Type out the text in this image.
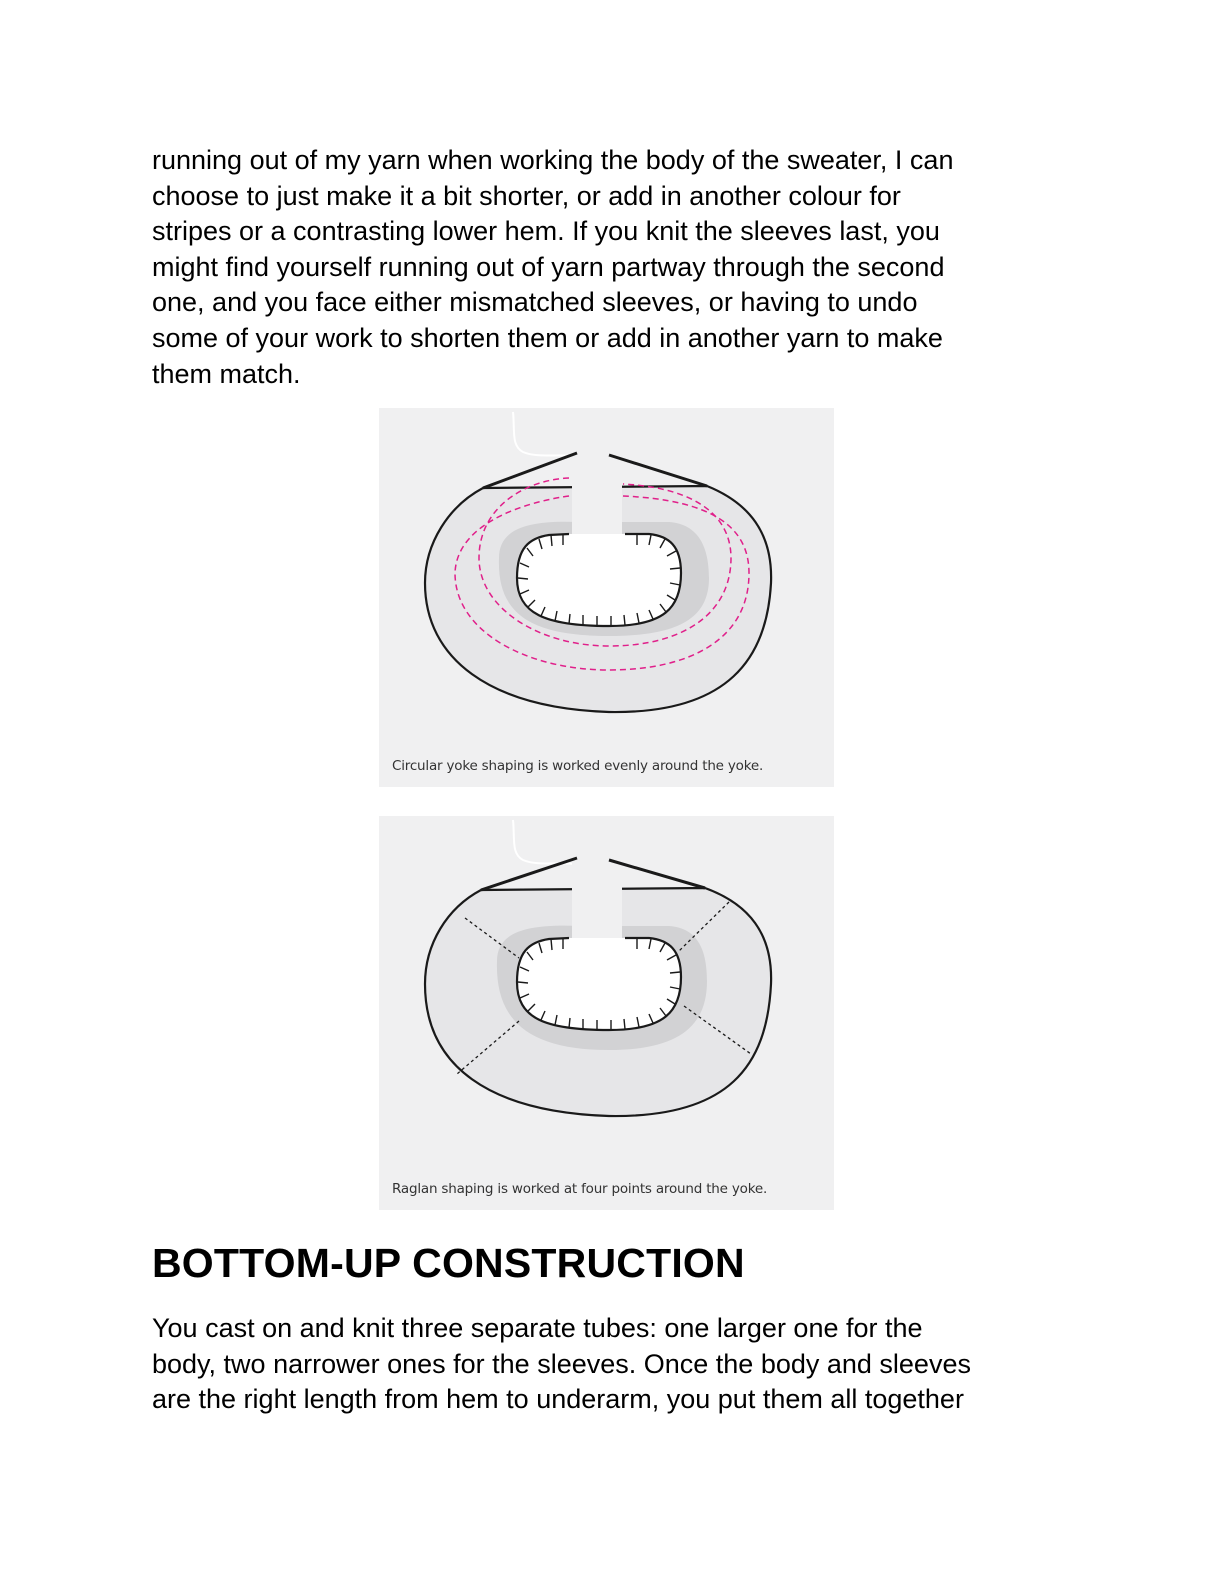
running out of my yarn when working the body of the sweater, I can
choose to just make it a bit shorter, or add in another colour for
stripes or a contrasting lower hem. If you knit the sleeves last, you
might find yourself running out of yarn partway through the second
one, and you face either mismatched sleeves, or having to undo
some of your work to shorten them or add in another yarn to make
them match.
Circular yoke shaping is worked evenly around the yoke.
Raglan shaping is worked at four points around the yoke.
BOTTOM-UP CONSTRUCTION
You cast on and knit three separate tubes: one larger one for the
body, two narrower ones for the sleeves. Once the body and sleeves
are the right length from hem to underarm, you put them all together
